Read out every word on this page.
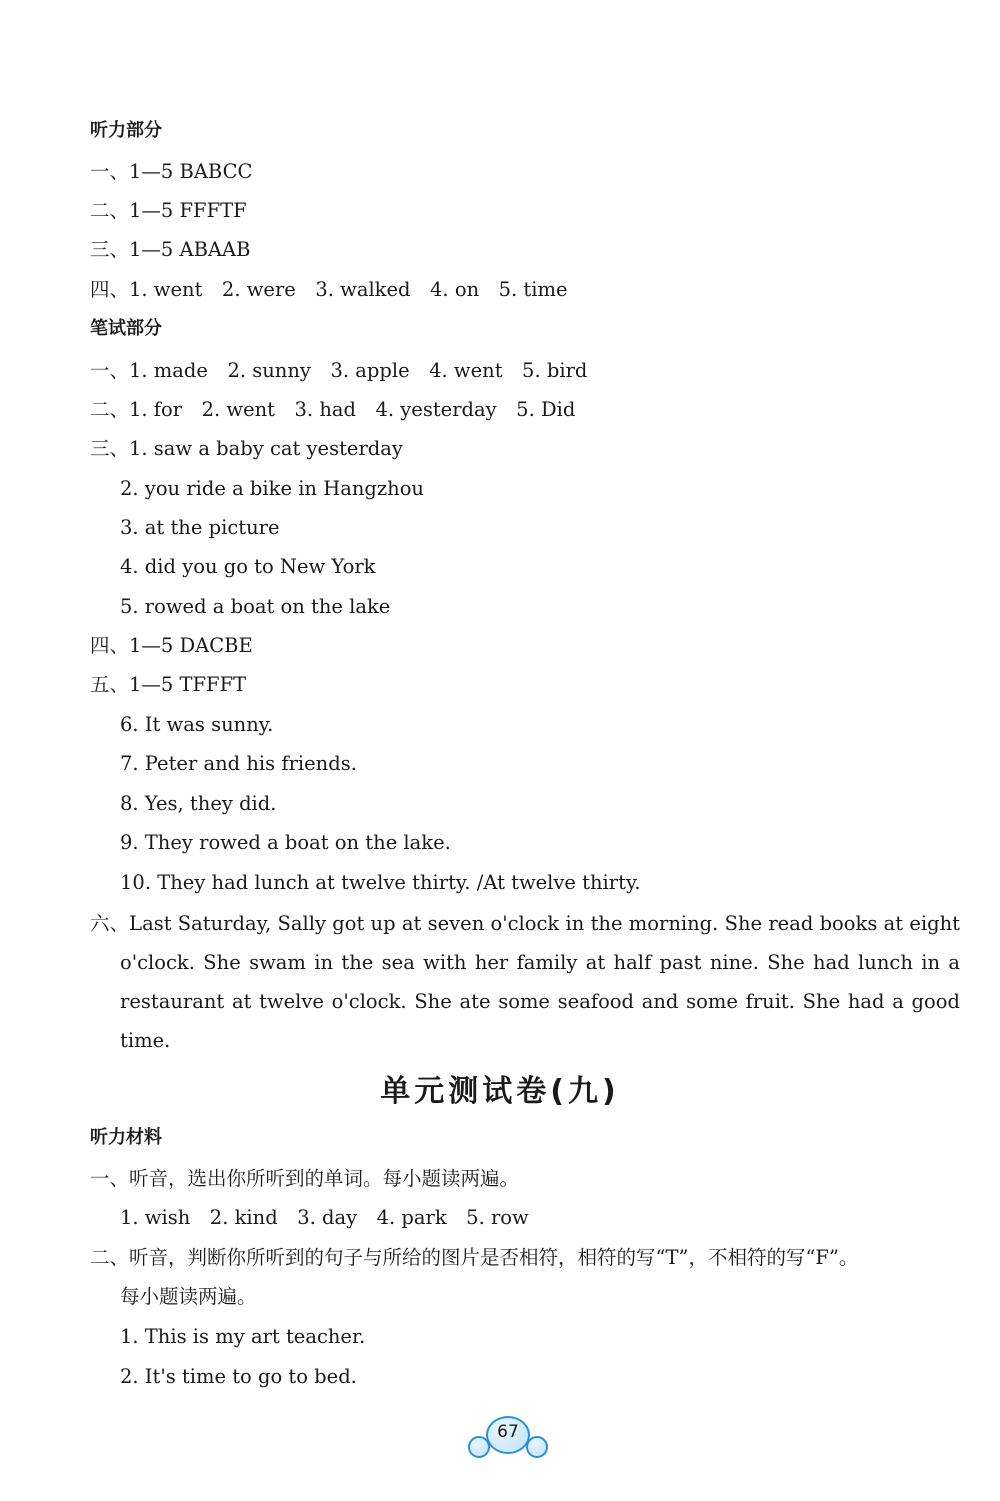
听力部分
一、1—5 BABCC
二、1—5 FFFTF
三、1—5 ABAAB
四、1. went　2. were　3. walked　4. on　5. time
笔试部分
一、1. made　2. sunny　3. apple　4. went　5. bird
二、1. for　2. went　3. had　4. yesterday　5. Did
三、1. saw a baby cat yesterday
2. you ride a bike in Hangzhou
3. at the picture
4. did you go to New York
5. rowed a boat on the lake
四、1—5 DACBE
五、1—5 TFFFT
6. It was sunny.
7. Peter and his friends.
8. Yes, they did.
9. They rowed a boat on the lake.
10. They had lunch at twelve thirty. /At twelve thirty.
六、Last Saturday, Sally got up at seven o'clock in the morning. She read books at eight o'clock. She swam in the sea with her family at half past nine. She had lunch in a restaurant at twelve o'clock. She ate some seafood and some fruit. She had a good time.
单元测试卷(九)
听力材料
一、听音，选出你所听到的单词。每小题读两遍。
1. wish　2. kind　3. day　4. park　5. row
二、听音，判断你所听到的句子与所给的图片是否相符，相符的写“T”，不相符的写“F”。
每小题读两遍。
1. This is my art teacher.
2. It's time to go to bed.
67
